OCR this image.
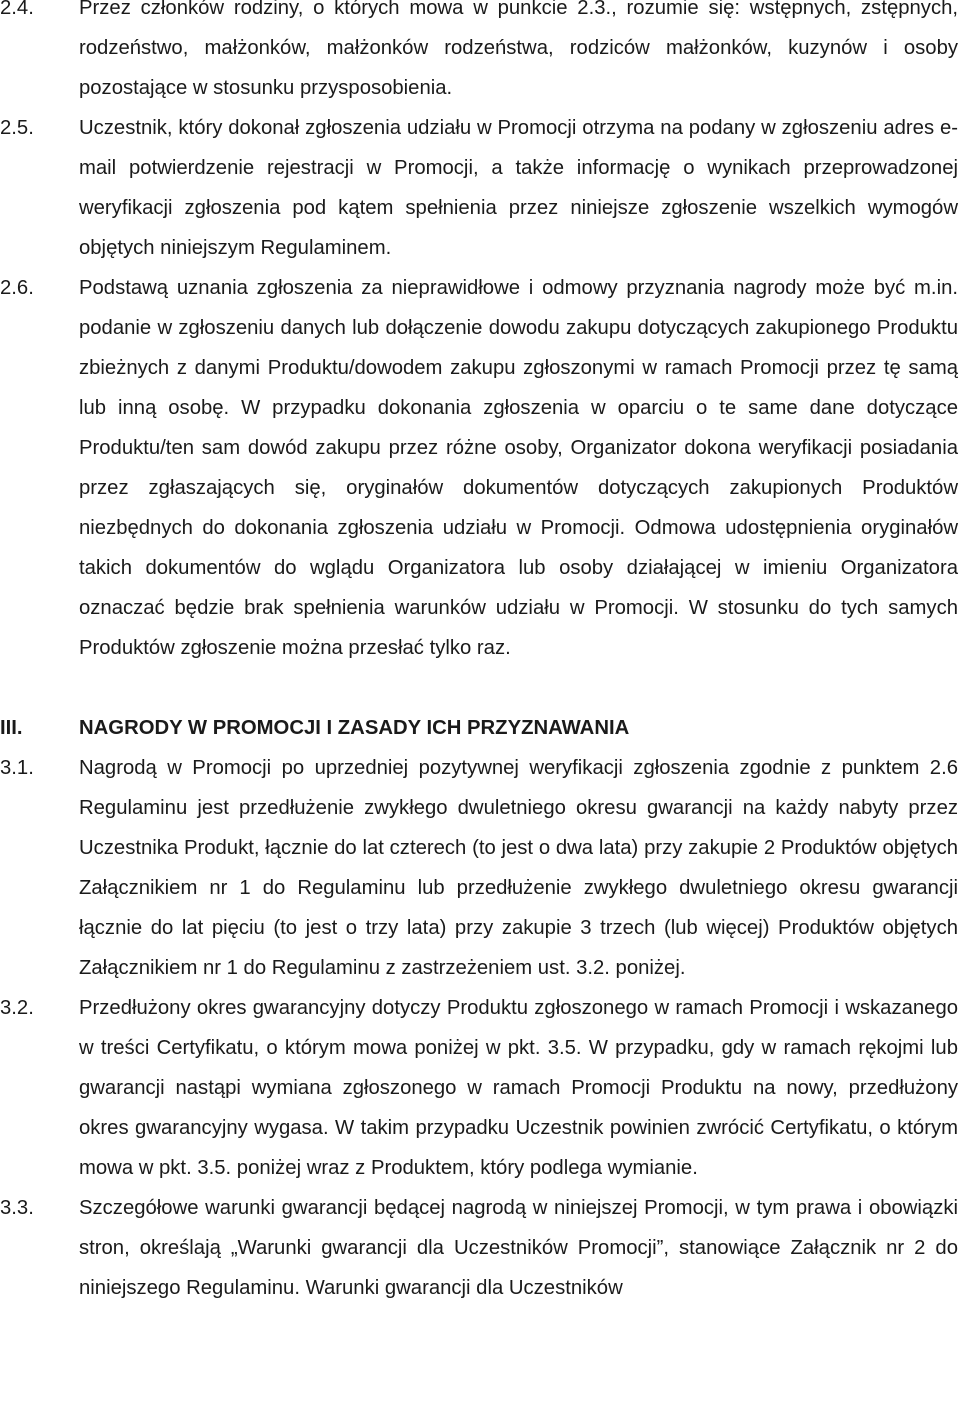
2.4. Przez członków rodziny, o których mowa w punkcie 2.3., rozumie się: wstępnych, zstępnych, rodzeństwo, małżonków, małżonków rodzeństwa, rodziców małżonków, kuzynów i osoby pozostające w stosunku przysposobienia.
2.5. Uczestnik, który dokonał zgłoszenia udziału w Promocji otrzyma na podany w zgłoszeniu adres e-mail potwierdzenie rejestracji w Promocji, a także informację o wynikach przeprowadzonej weryfikacji zgłoszenia pod kątem spełnienia przez niniejsze zgłoszenie wszelkich wymogów objętych niniejszym Regulaminem.
2.6. Podstawą uznania zgłoszenia za nieprawidłowe i odmowy przyznania nagrody może być m.in. podanie w zgłoszeniu danych lub dołączenie dowodu zakupu dotyczących zakupionego Produktu zbieżnych z danymi Produktu/dowodem zakupu zgłoszonymi w ramach Promocji przez tę samą lub inną osobę. W przypadku dokonania zgłoszenia w oparciu o te same dane dotyczące Produktu/ten sam dowód zakupu przez różne osoby, Organizator dokona weryfikacji posiadania przez zgłaszających się, oryginałów dokumentów dotyczących zakupionych Produktów niezbędnych do dokonania zgłoszenia udziału w Promocji. Odmowa udostępnienia oryginałów takich dokumentów do wglądu Organizatora lub osoby działającej w imieniu Organizatora oznaczać będzie brak spełnienia warunków udziału w Promocji. W stosunku do tych samych Produktów zgłoszenie można przesłać tylko raz.
III.	NAGRODY W PROMOCJI I ZASADY ICH PRZYZNAWANIA
3.1. Nagrodą w Promocji po uprzedniej pozytywnej weryfikacji zgłoszenia zgodnie z punktem 2.6 Regulaminu jest przedłużenie zwykłego dwuletniego okresu gwarancji na każdy nabyty przez Uczestnika Produkt, łącznie do lat czterech (to jest o dwa lata) przy zakupie 2 Produktów objętych Załącznikiem nr 1 do Regulaminu lub przedłużenie zwykłego dwuletniego okresu gwarancji łącznie do lat pięciu (to jest o trzy lata) przy zakupie 3 trzech (lub więcej) Produktów objętych Załącznikiem nr 1 do Regulaminu z zastrzeżeniem ust. 3.2. poniżej.
3.2. Przedłużony okres gwarancyjny dotyczy Produktu zgłoszonego w ramach Promocji i wskazanego w treści Certyfikatu, o którym mowa poniżej w pkt. 3.5. W przypadku, gdy w ramach rękojmi lub gwarancji nastąpi wymiana zgłoszonego w ramach Promocji Produktu na nowy, przedłużony okres gwarancyjny wygasa. W takim przypadku Uczestnik powinien zwrócić Certyfikatu, o którym mowa w pkt. 3.5. poniżej wraz z Produktem, który podlega wymianie.
3.3. Szczegółowe warunki gwarancji będącej nagrodą w niniejszej Promocji, w tym prawa i obowiązki stron, określają „Warunki gwarancji dla Uczestników Promocji”, stanowiące Załącznik nr 2 do niniejszego Regulaminu. Warunki gwarancji dla Uczestników
